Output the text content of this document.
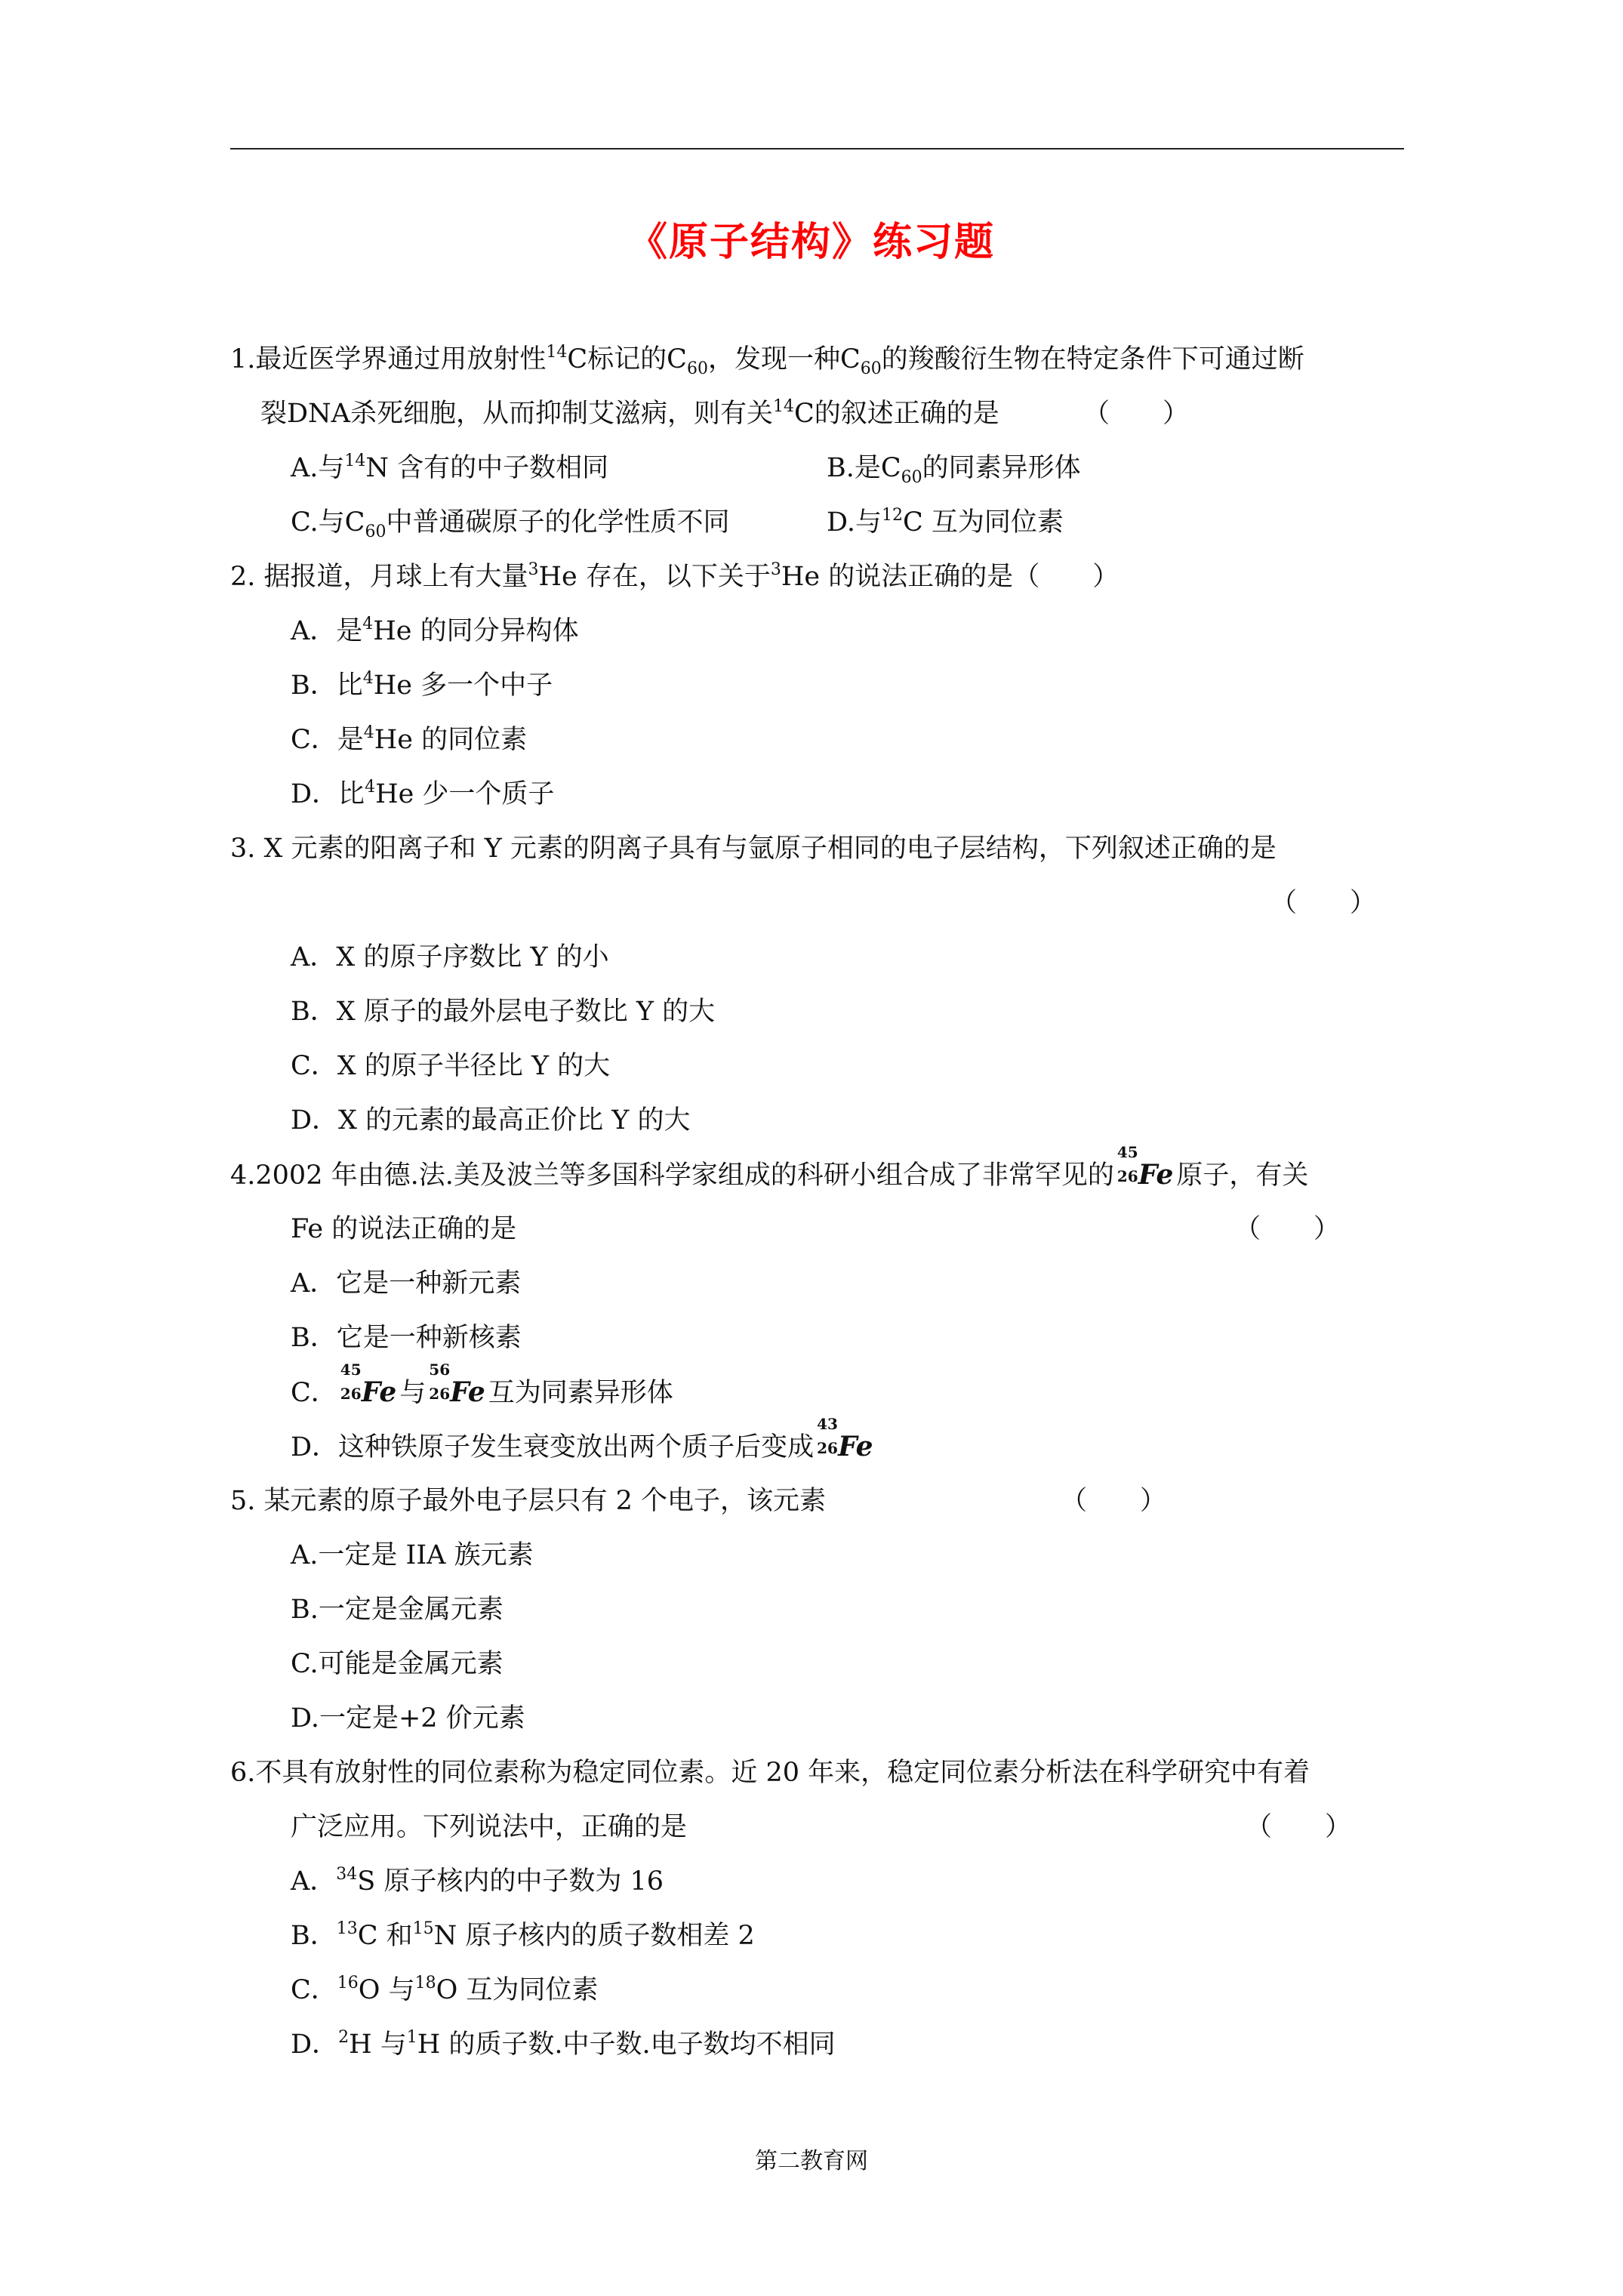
《原子结构》练习题
1.最近医学界通过用放射性$^{14}$C标记的$C_{60}$，发现一种$C_{60}$的羧酸衍生物在特定条件下可通过断
裂DNA杀死细胞，从而抑制艾滋病，则有关$^{14}$C的叙述正确的是	（　　）
A.与$^{14}$N 含有的中子数相同	B.是$C_{60}$的同素异形体
C.与$C_{60}$中普通碳原子的化学性质不同	D.与$^{12}$C 互为同位素
2. 据报道，月球上有大量$^3$He 存在，以下关于$^3$He 的说法正确的是（　　）
A．是$^4$He 的同分异构体
B．比$^4$He 多一个中子
C．是$^4$He 的同位素
D．比$^4$He 少一个质子
3. X 元素的阳离子和 Y 元素的阴离子具有与氩原子相同的电子层结构，下列叙述正确的是
（　　）
A．X 的原子序数比 Y 的小
B．X 原子的最外层电子数比 Y 的大
C．X 的原子半径比 Y 的大
D．X 的元素的最高正价比 Y 的大
4.2002 年由德.法.美及波兰等多国科学家组成的科研小组合成了非常罕见的
45
26 Fe 原子，有关
Fe 的说法正确的是	（　　）
A．它是一种新元素
B．它是一种新核素
C．
45
26 Fe 与
56
26 Fe 互为同素异形体
D．这种铁原子发生衰变放出两个质子后变成
43
26 Fe
5. 某元素的原子最外电子层只有 2 个电子，该元素	（　　）
A.一定是 IIA 族元素
B.一定是金属元素
C.可能是金属元素
D.一定是+2 价元素
6.不具有放射性的同位素称为稳定同位素。近 20 年来，稳定同位素分析法在科学研究中有着
广泛应用。下列说法中，正确的是	（　　）
A．$^{34}$S 原子核内的中子数为 16
B．$^{13}$C 和$^{15}$N 原子核内的质子数相差 2
C．$^{16}$O 与$^{18}$O 互为同位素
D．$^2$H 与$^1$H 的质子数.中子数.电子数均不相同
第二教育网
